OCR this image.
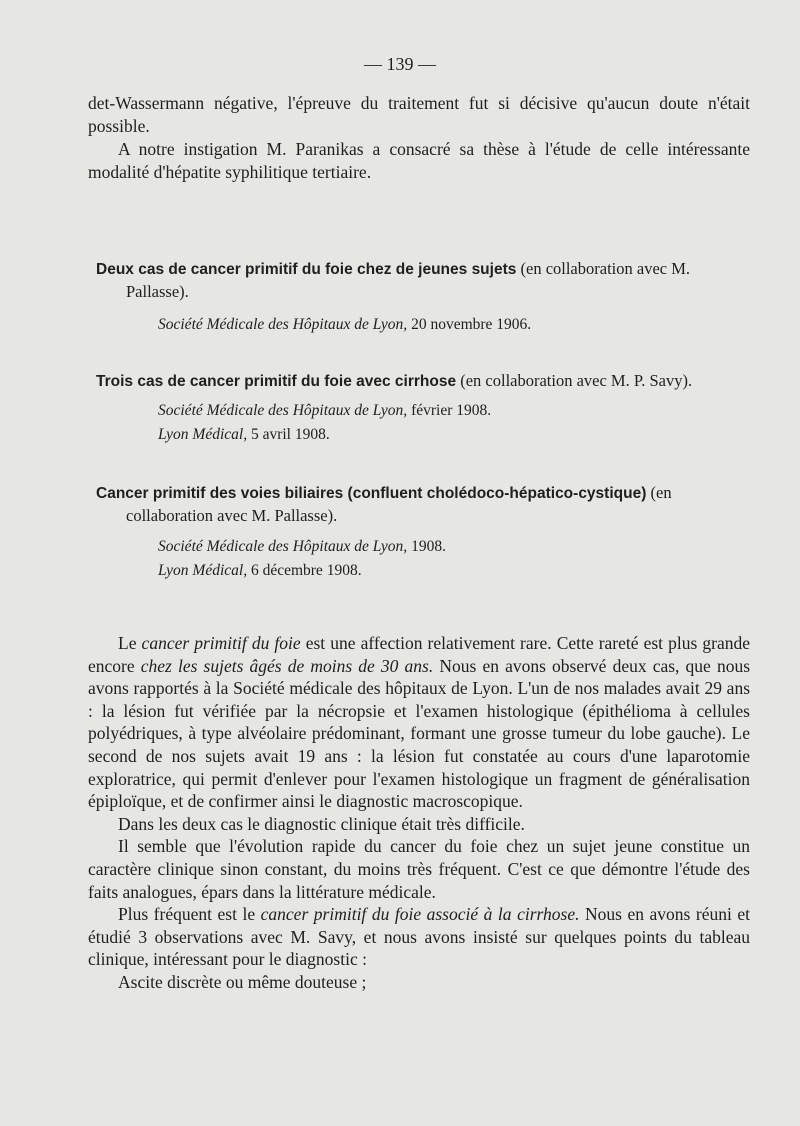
— 139 —

det-Wassermann négative, l'épreuve du traitement fut si décisive qu'aucun doute n'était possible.

A notre instigation M. Paranikas a consacré sa thèse à l'étude de celle intéressante modalité d'hépatite syphilitique tertiaire.

Deux cas de cancer primitif du foie chez de jeunes sujets (en collaboration avec M. Pallasse).
Société Médicale des Hôpitaux de Lyon, 20 novembre 1906.
Trois cas de cancer primitif du foie avec cirrhose (en collaboration avec M. P. Savy).
Société Médicale des Hôpitaux de Lyon, février 1908.
Lyon Médical, 5 avril 1908.
Cancer primitif des voies biliaires (confluent cholédoco-hépatico-cystique) (en collaboration avec M. Pallasse).
Société Médicale des Hôpitaux de Lyon, 1908.
Lyon Médical, 6 décembre 1908.

Le cancer primitif du foie est une affection relativement rare. Cette rareté est plus grande encore chez les sujets âgés de moins de 30 ans. Nous en avons observé deux cas, que nous avons rapportés à la Société médicale des hôpitaux de Lyon. L'un de nos malades avait 29 ans : la lésion fut vérifiée par la nécropsie et l'examen histologique (épithélioma à cellules polyédriques, à type alvéolaire prédominant, formant une grosse tumeur du lobe gauche). Le second de nos sujets avait 19 ans : la lésion fut constatée au cours d'une laparotomie exploratrice, qui permit d'enlever pour l'examen histologique un fragment de généralisation épiploïque, et de confirmer ainsi le diagnostic macroscopique.

Dans les deux cas le diagnostic clinique était très difficile.

Il semble que l'évolution rapide du cancer du foie chez un sujet jeune constitue un caractère clinique sinon constant, du moins très fréquent. C'est ce que démontre l'étude des faits analogues, épars dans la littérature médicale.

Plus fréquent est le cancer primitif du foie associé à la cirrhose. Nous en avons réuni et étudié 3 observations avec M. Savy, et nous avons insisté sur quelques points du tableau clinique, intéressant pour le diagnostic :

Ascite discrète ou même douteuse ;
